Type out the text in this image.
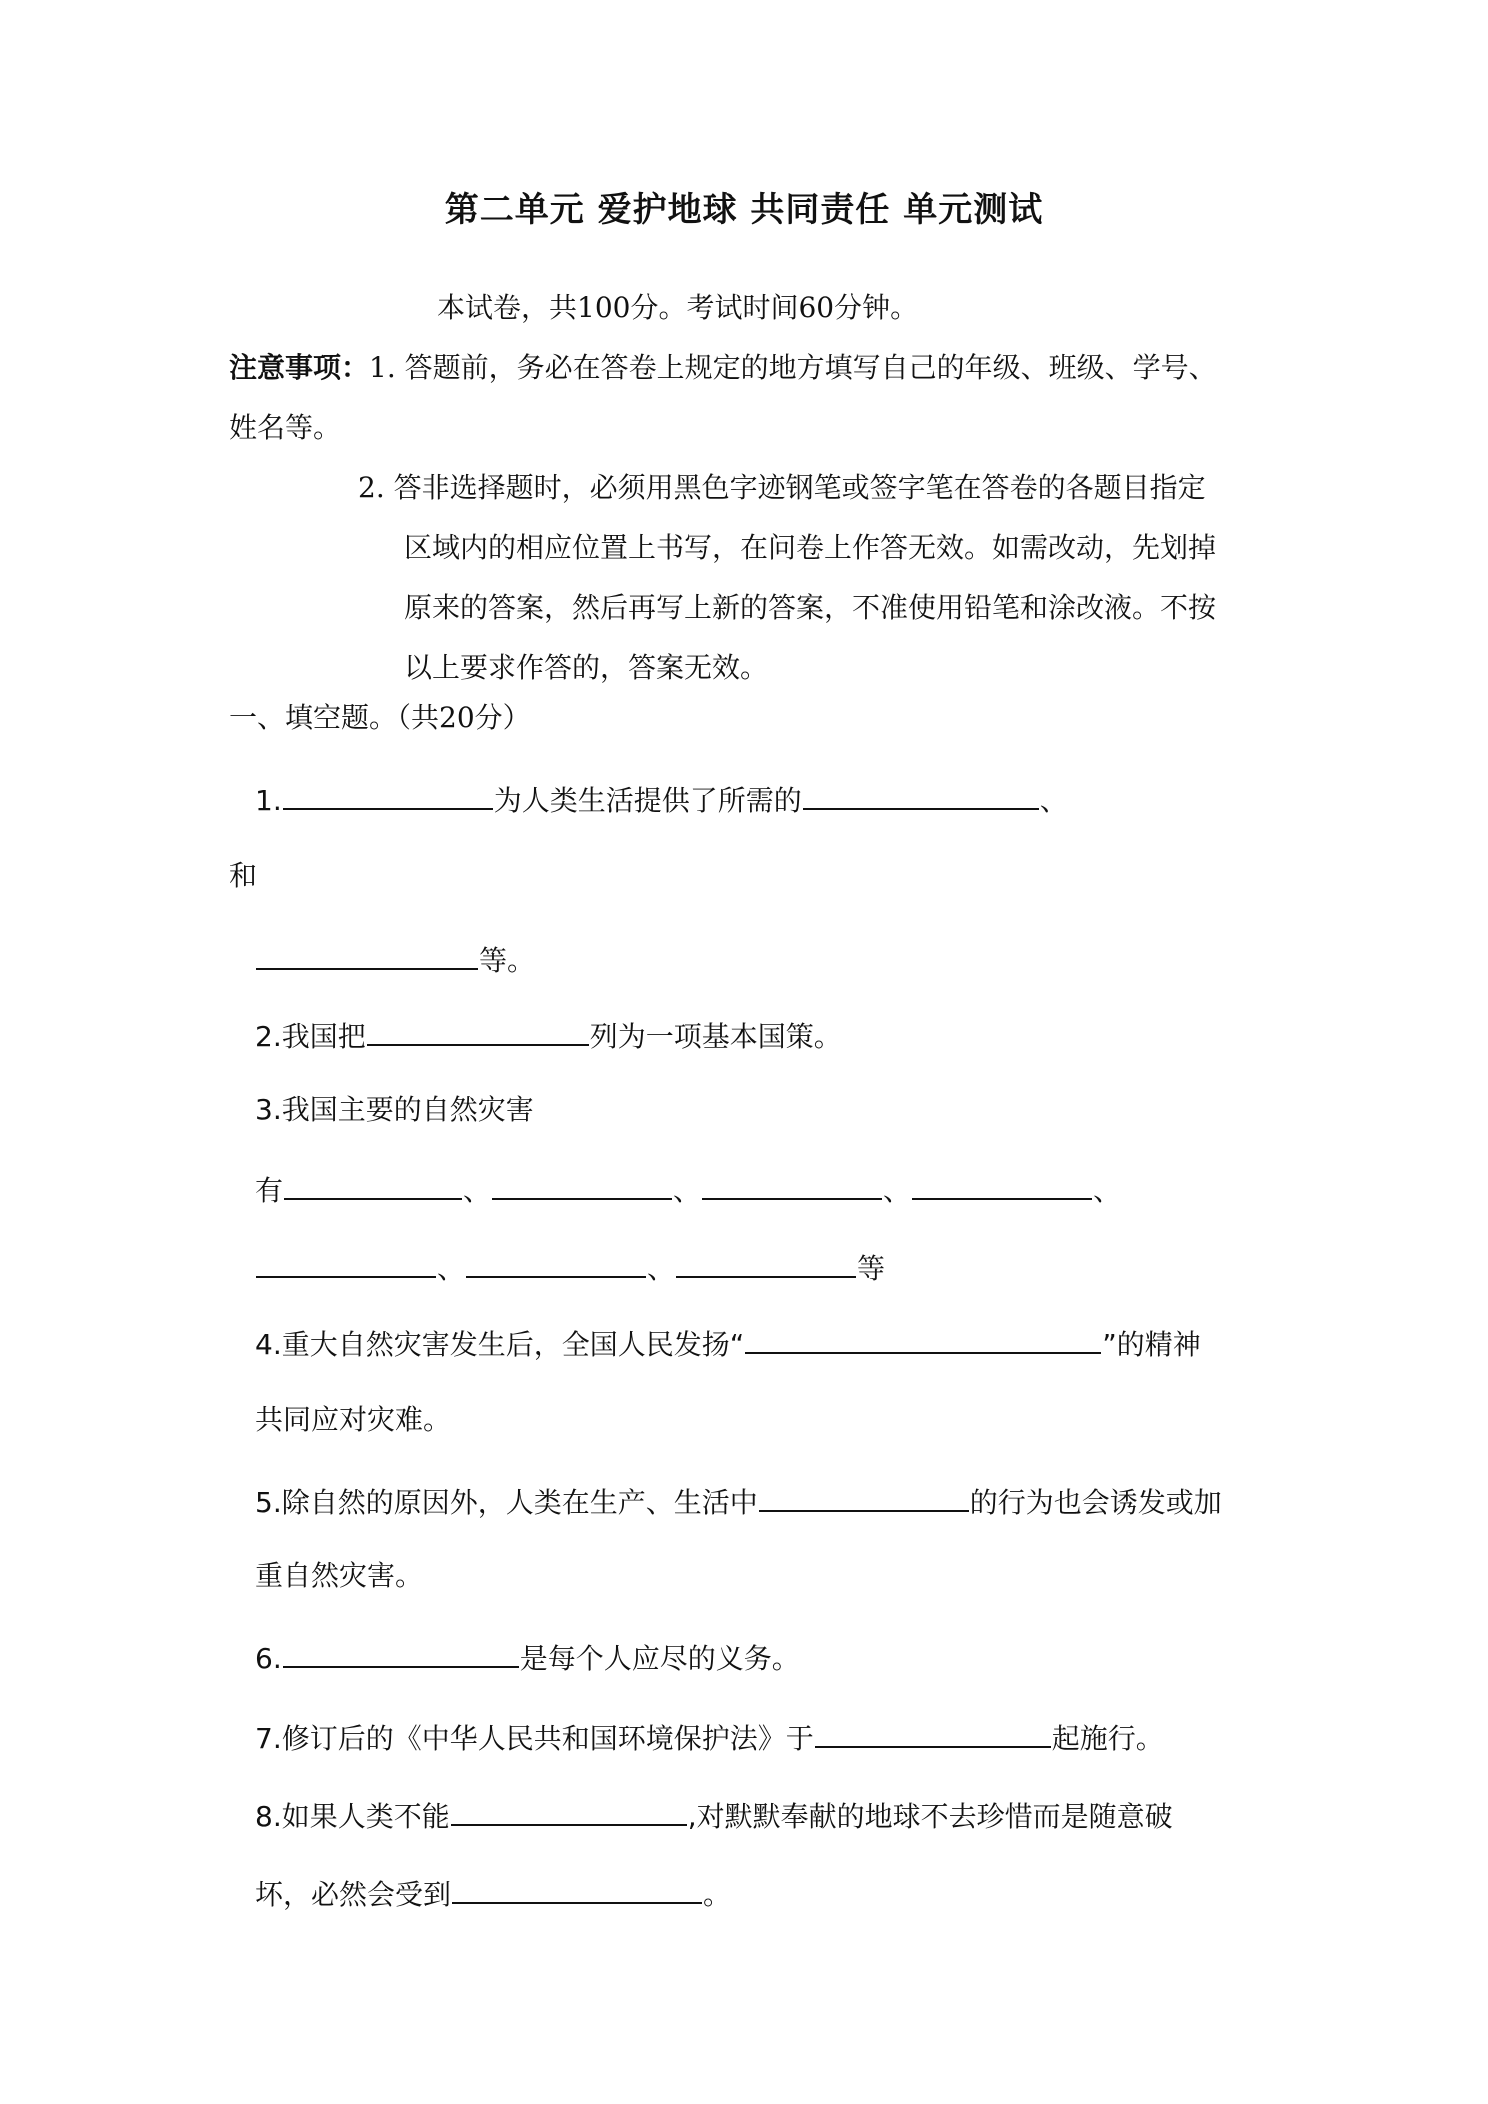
第二单元 爱护地球 共同责任 单元测试
本试卷，共100分。考试时间60分钟。
注意事项：1. 答题前，务必在答卷上规定的地方填写自己的年级、班级、学号、
姓名等。
2. 答非选择题时，必须用黑色字迹钢笔或签字笔在答卷的各题目指定
区域内的相应位置上书写，在问卷上作答无效。如需改动，先划掉
原来的答案，然后再写上新的答案，不准使用铅笔和涂改液。不按
以上要求作答的，答案无效。
一、填空题。（共20分）
1.	为人类生活提供了所需的	、
和
等。
2.我国把	列为一项基本国策。
3.我国主要的自然灾害
有	、	、	、	、
、	、	等
4.重大自然灾害发生后，全国人民发扬“	”的精神
共同应对灾难。
5.除自然的原因外，人类在生产、生活中	的行为也会诱发或加
重自然灾害。
6.	是每个人应尽的义务。
7.修订后的《中华人民共和国环境保护法》于	起施行。
8.如果人类不能	,对默默奉献的地球不去珍惜而是随意破
坏，必然会受到	。
